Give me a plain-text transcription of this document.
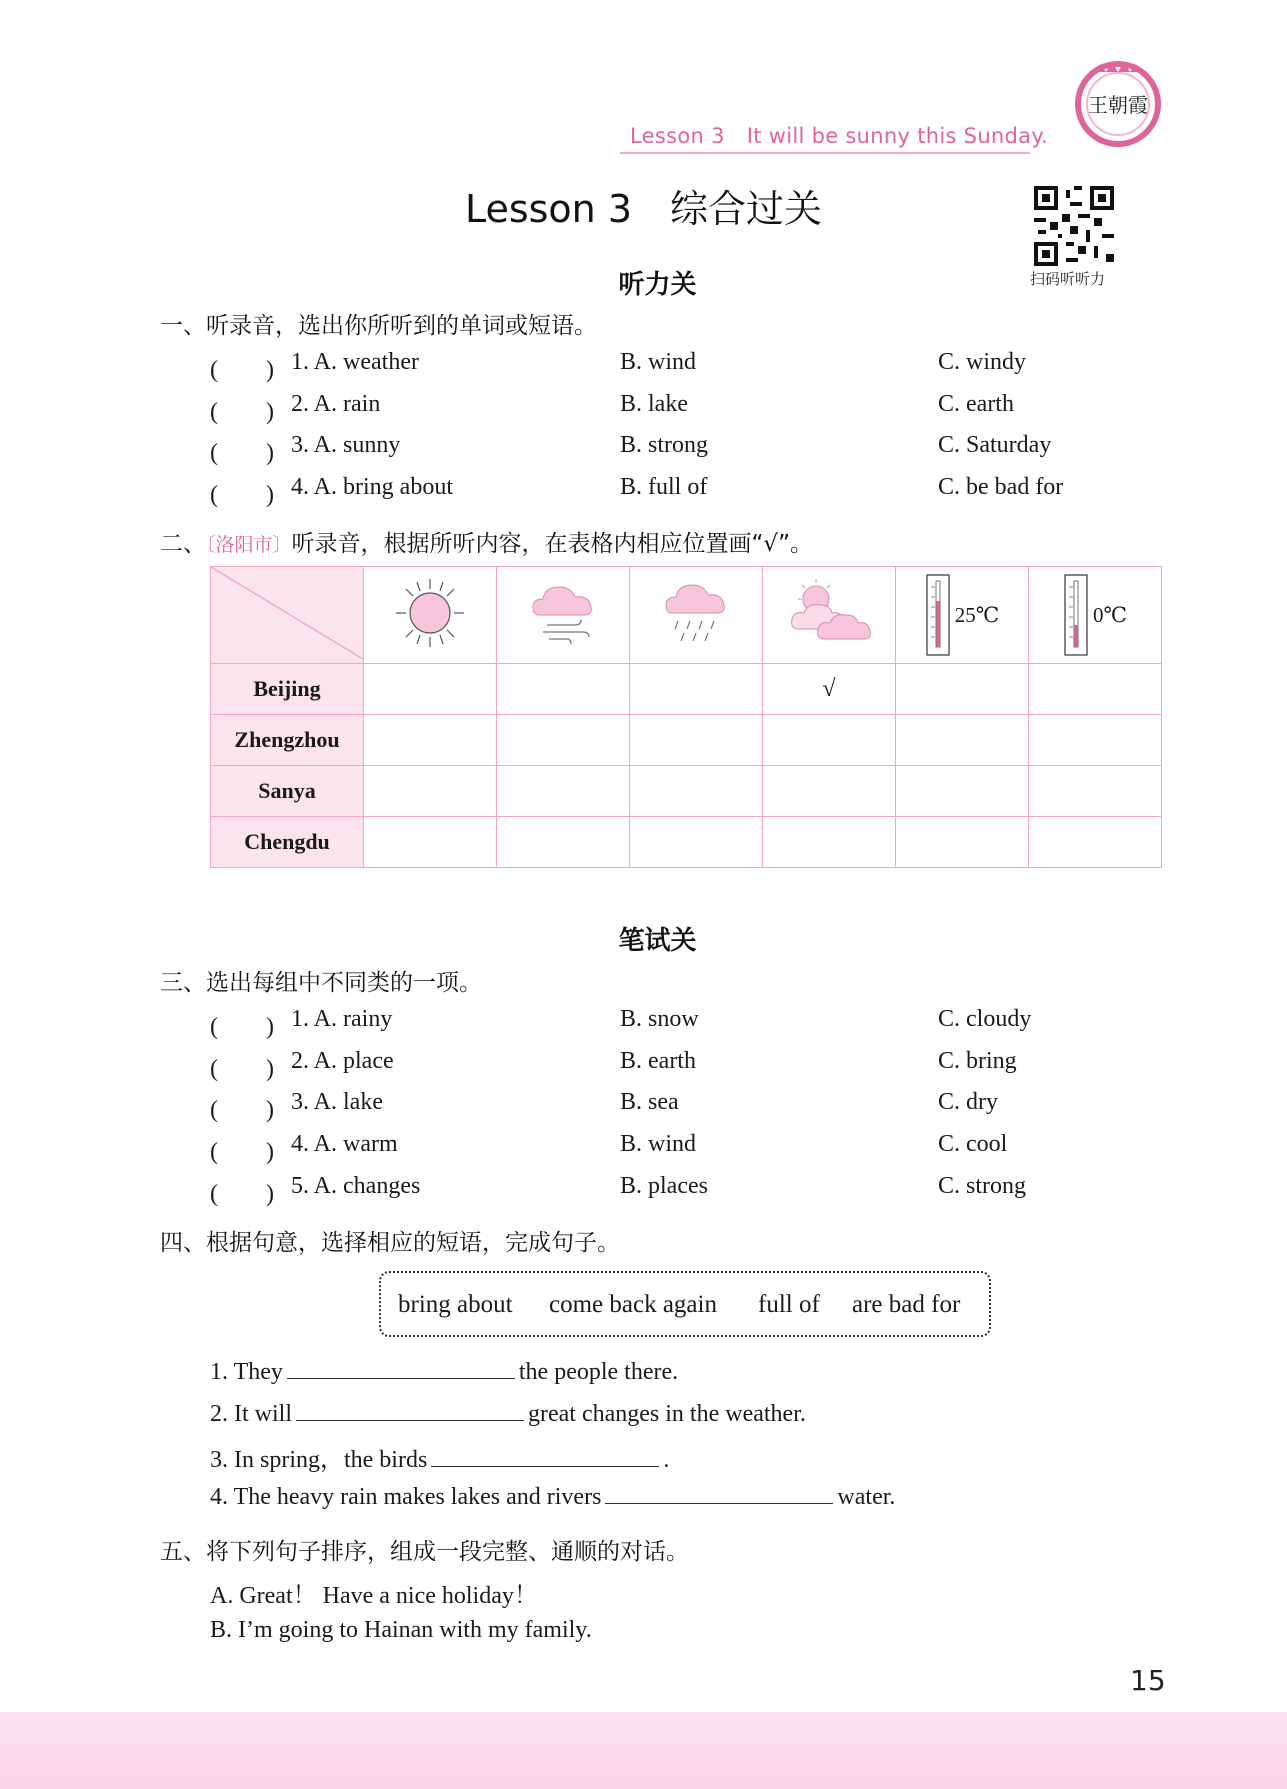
Lesson 3 It will be sunny this Sunday.
王朝霞
Lesson 3　综合过关
扫码听听力
听力关
一、听录音，选出你所听到的单词或短语。
(　　) 1. A. weather	B. wind	C. windy
(　　) 2. A. rain	B. lake	C. earth
(　　) 3. A. sunny	B. strong	C. Saturday
(　　) 4. A. bring about	B. full of	C. be bad for
二、〔洛阳市〕听录音，根据所听内容，在表格内相应位置画“√”。
					25℃	0℃
Beijing				√		
Zhengzhou						
Sanya						
Chengdu						
笔试关
三、选出每组中不同类的一项。
(　　) 1. A. rainy	B. snow	C. cloudy
(　　) 2. A. place	B. earth	C. bring
(　　) 3. A. lake	B. sea	C. dry
(　　) 4. A. warm	B. wind	C. cool
(　　) 5. A. changes	B. places	C. strong
四、根据句意，选择相应的短语，完成句子。
bring about come back again full of are bad for
1. They	the people there.
2. It will	great changes in the weather.
3. In spring，the birds	.
4. The heavy rain makes lakes and rivers	water.
五、将下列句子排序，组成一段完整、通顺的对话。
A. Great！ Have a nice holiday！
B. I’m going to Hainan with my family.
15
